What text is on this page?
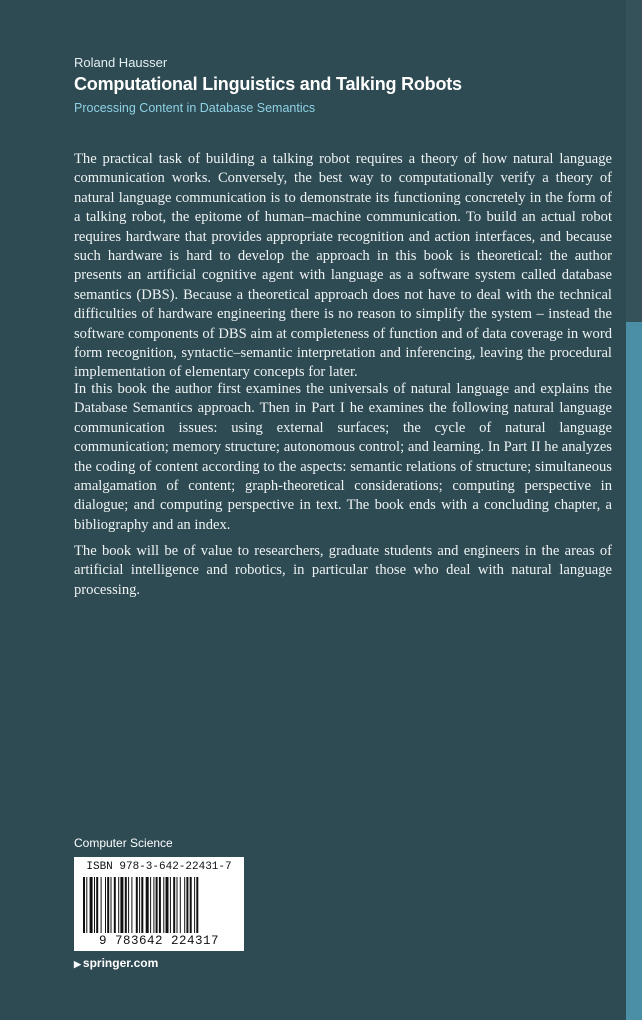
Roland Hausser
Computational Linguistics and Talking Robots
Processing Content in Database Semantics

The practical task of building a talking robot requires a theory of how natural language communication works. Conversely, the best way to computationally verify a theory of natural language communication is to demonstrate its functioning concretely in the form of a talking robot, the epitome of human–machine communication. To build an actual robot requires hardware that provides appropriate recognition and action interfaces, and because such hardware is hard to develop the approach in this book is theoretical: the author presents an artificial cognitive agent with language as a software system called database semantics (DBS). Because a theoretical approach does not have to deal with the technical difficulties of hardware engineering there is no reason to simplify the system – instead the software components of DBS aim at completeness of function and of data coverage in word form recognition, syntactic–semantic interpretation and inferencing, leaving the procedural implementation of elementary concepts for later.

In this book the author first examines the universals of natural language and explains the Database Semantics approach. Then in Part I he examines the following natural language communication issues: using external surfaces; the cycle of natural language communication; memory structure; autonomous control; and learning. In Part II he analyzes the coding of content according to the aspects: semantic relations of structure; simultaneous amalgamation of content; graph-theoretical considerations; computing perspective in dialogue; and computing perspective in text. The book ends with a concluding chapter, a bibliography and an index.

The book will be of value to researchers, graduate students and engineers in the areas of artificial intelligence and robotics, in particular those who deal with natural language processing.

Computer Science
ISBN 978-3-642-22431-7
9 783642 224317
▶ springer.com
